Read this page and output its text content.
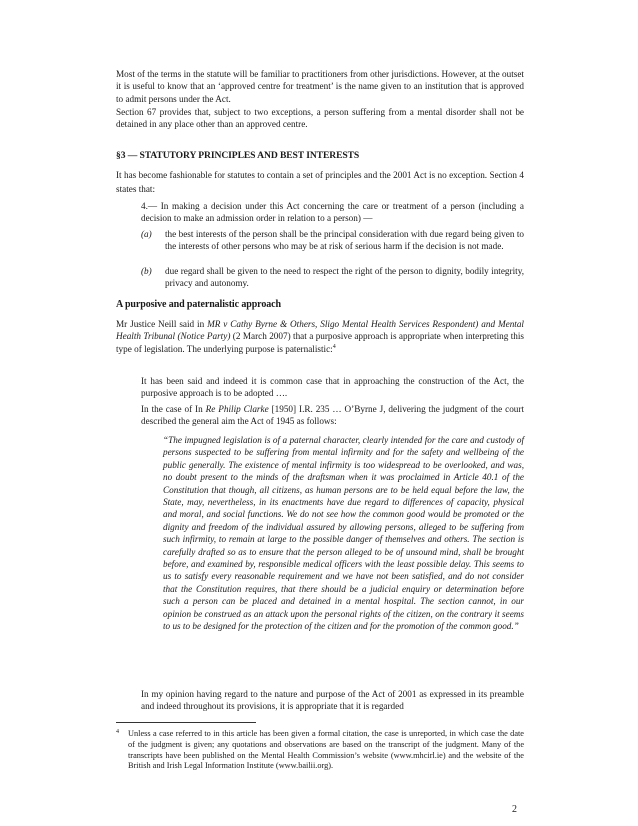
Most of the terms in the statute will be familiar to practitioners from other jurisdictions. However, at the outset it is useful to know that an ‘approved centre for treatment’ is the name given to an institution that is approved to admit persons under the Act.

Section 67 provides that, subject to two exceptions, a person suffering from a mental disorder shall not be detained in any place other than an approved centre.

§3 — STATUTORY PRINCIPLES AND BEST INTERESTS

It has become fashionable for statutes to contain a set of principles and the 2001 Act is no exception. Section 4 states that:

4.— In making a decision under this Act concerning the care or treatment of a person (including a decision to make an admission order in relation to a person) —

(a) the best interests of the person shall be the principal consideration with due regard being given to the interests of other persons who may be at risk of serious harm if the decision is not made.
(b) due regard shall be given to the need to respect the right of the person to dignity, bodily integrity, privacy and autonomy.

A purposive and paternalistic approach

Mr Justice Neill said in MR v Cathy Byrne & Others, Sligo Mental Health Services Respondent) and Mental Health Tribunal (Notice Party) (2 March 2007) that a purposive approach is appropriate when interpreting this type of legislation. The underlying purpose is paternalistic:$^4$

It has been said and indeed it is common case that in approaching the construction of the Act, the purposive approach is to be adopted ….

In the case of In Re Philip Clarke [1950] I.R. 235 … O’Byrne J, delivering the judgment of the court described the general aim the Act of 1945 as follows:

“The impugned legislation is of a paternal character, clearly intended for the care and custody of persons suspected to be suffering from mental infirmity and for the safety and wellbeing of the public generally. The existence of mental infirmity is too widespread to be overlooked, and was, no doubt present to the minds of the draftsman when it was proclaimed in Article 40.1 of the Constitution that though, all citizens, as human persons are to be held equal before the law, the State, may, nevertheless, in its enactments have due regard to differences of capacity, physical and moral, and social functions. We do not see how the common good would be promoted or the dignity and freedom of the individual assured by allowing persons, alleged to be suffering from such infirmity, to remain at large to the possible danger of themselves and others. The section is carefully drafted so as to ensure that the person alleged to be of unsound mind, shall be brought before, and examined by, responsible medical officers with the least possible delay. This seems to us to satisfy every reasonable requirement and we have not been satisfied, and do not consider that the Constitution requires, that there should be a judicial enquiry or determination before such a person can be placed and detained in a mental hospital. The section cannot, in our opinion be construed as an attack upon the personal rights of the citizen, on the contrary it seems to us to be designed for the protection of the citizen and for the promotion of the common good.”

In my opinion having regard to the nature and purpose of the Act of 2001 as expressed in its preamble and indeed throughout its provisions, it is appropriate that it is regarded

4 Unless a case referred to in this article has been given a formal citation, the case is unreported, in which case the date of the judgment is given; any quotations and observations are based on the transcript of the judgment. Many of the transcripts have been published on the Mental Health Commission’s website (www.mhcirl.ie) and the website of the British and Irish Legal Information Institute (www.bailii.org).
2
